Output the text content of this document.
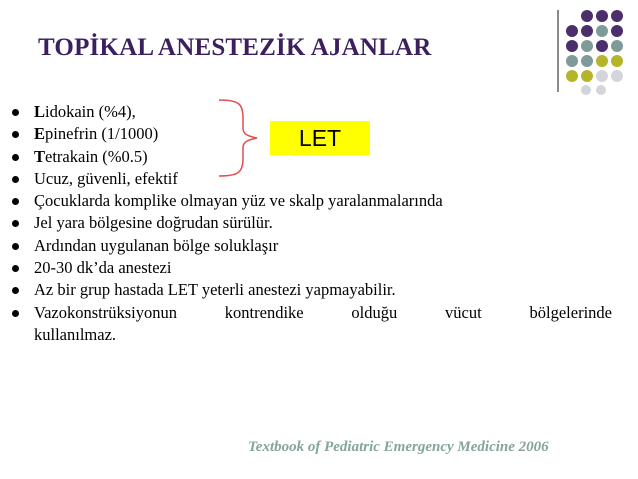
TOPİKAL ANESTEZİK AJANLAR
Lidokain (%4),
Epinefrin (1/1000)
Tetrakain (%0.5)
Ucuz, güvenli, efektif
Çocuklarda komplike olmayan yüz ve skalp yaralanmalarında
Jel yara bölgesine doğrudan sürülür.
Ardından uygulanan bölge soluklaşır
20-30 dk’da anestezi
Az bir grup hastada LET yeterli anestezi yapmayabilir.
Vazokonstrüksiyonun kontrendike olduğu vücut bölgelerinde
kullanılmaz.
LET
Textbook of Pediatric Emergency Medicine 2006
